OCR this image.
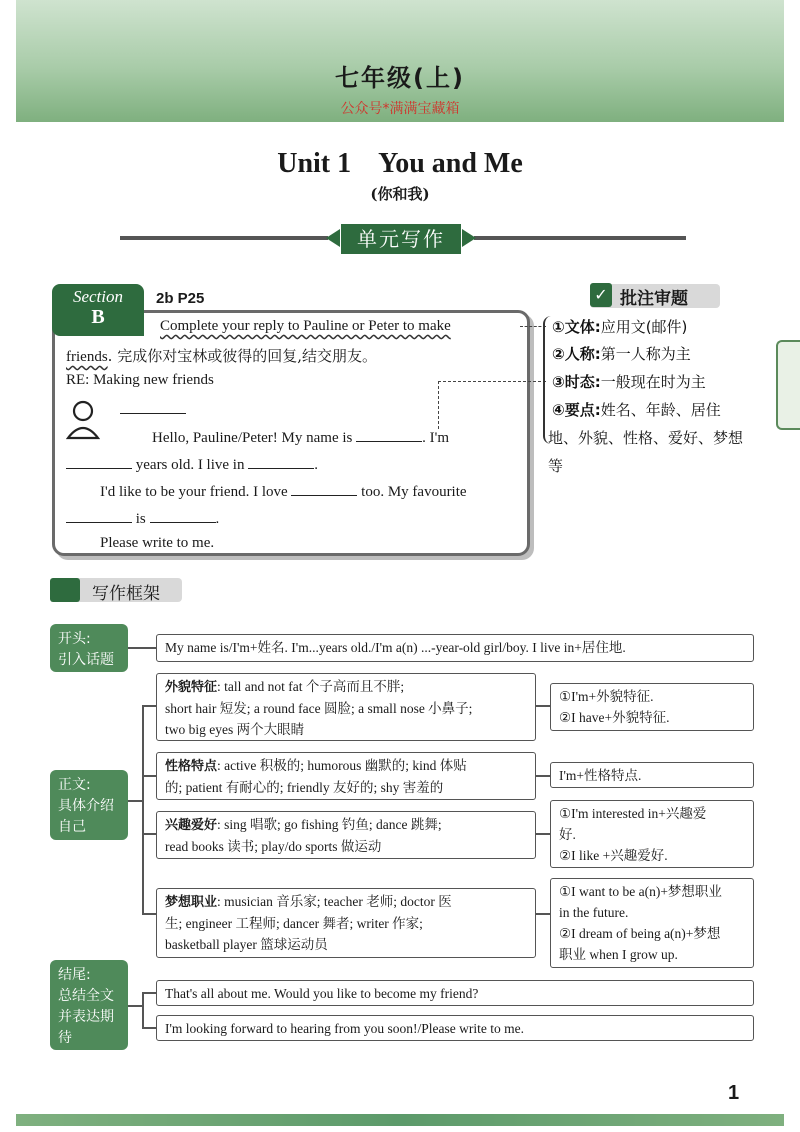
七年级(上)
公众号*满满宝藏箱
Unit 1    You and Me
(你和我)
单元写作
Section
B
2b P25
Complete your reply to Pauline or Peter to make
friends. 完成你对宝林或彼得的回复,结交朋友。
RE: Making new friends
Hello, Pauline/Peter! My name is	. I'm
years old. I live in	.
I'd like to be your friend. I love	too. My favourite
is	.
Please write to me.
✓ 批注审题
①文体:应用文(邮件)
②人称:第一人称为主
③时态:一般现在时为主
④要点:姓名、年龄、居住
地、外貌、性格、爱好、梦想
等
写作框架
开头:
引入话题
My name is/I'm+姓名. I'm...years old./I'm a(n) ...-year-old girl/boy. I live in+居住地.
正文:
具体介绍
自己
外貌特征: tall and not fat 个子高而且不胖;
short hair 短发; a round face 圆脸; a small nose 小鼻子;
two big eyes 两个大眼睛
①I'm+外貌特征.
②I have+外貌特征.
性格特点: active 积极的; humorous 幽默的; kind 体贴
的; patient 有耐心的; friendly 友好的; shy 害羞的
I'm+性格特点.
兴趣爱好: sing 唱歌; go fishing 钓鱼; dance 跳舞;
read books 读书; play/do sports 做运动
①I'm interested in+兴趣爱
好.
②I like +兴趣爱好.
梦想职业: musician 音乐家; teacher 老师; doctor 医
生; engineer 工程师; dancer 舞者; writer 作家;
basketball player 篮球运动员
①I want to be a(n)+梦想职业
in the future.
②I dream of being a(n)+梦想
职业 when I grow up.
结尾:
总结全文
并表达期
待
That's all about me. Would you like to become my friend?
I'm looking forward to hearing from you soon!/Please write to me.
1
